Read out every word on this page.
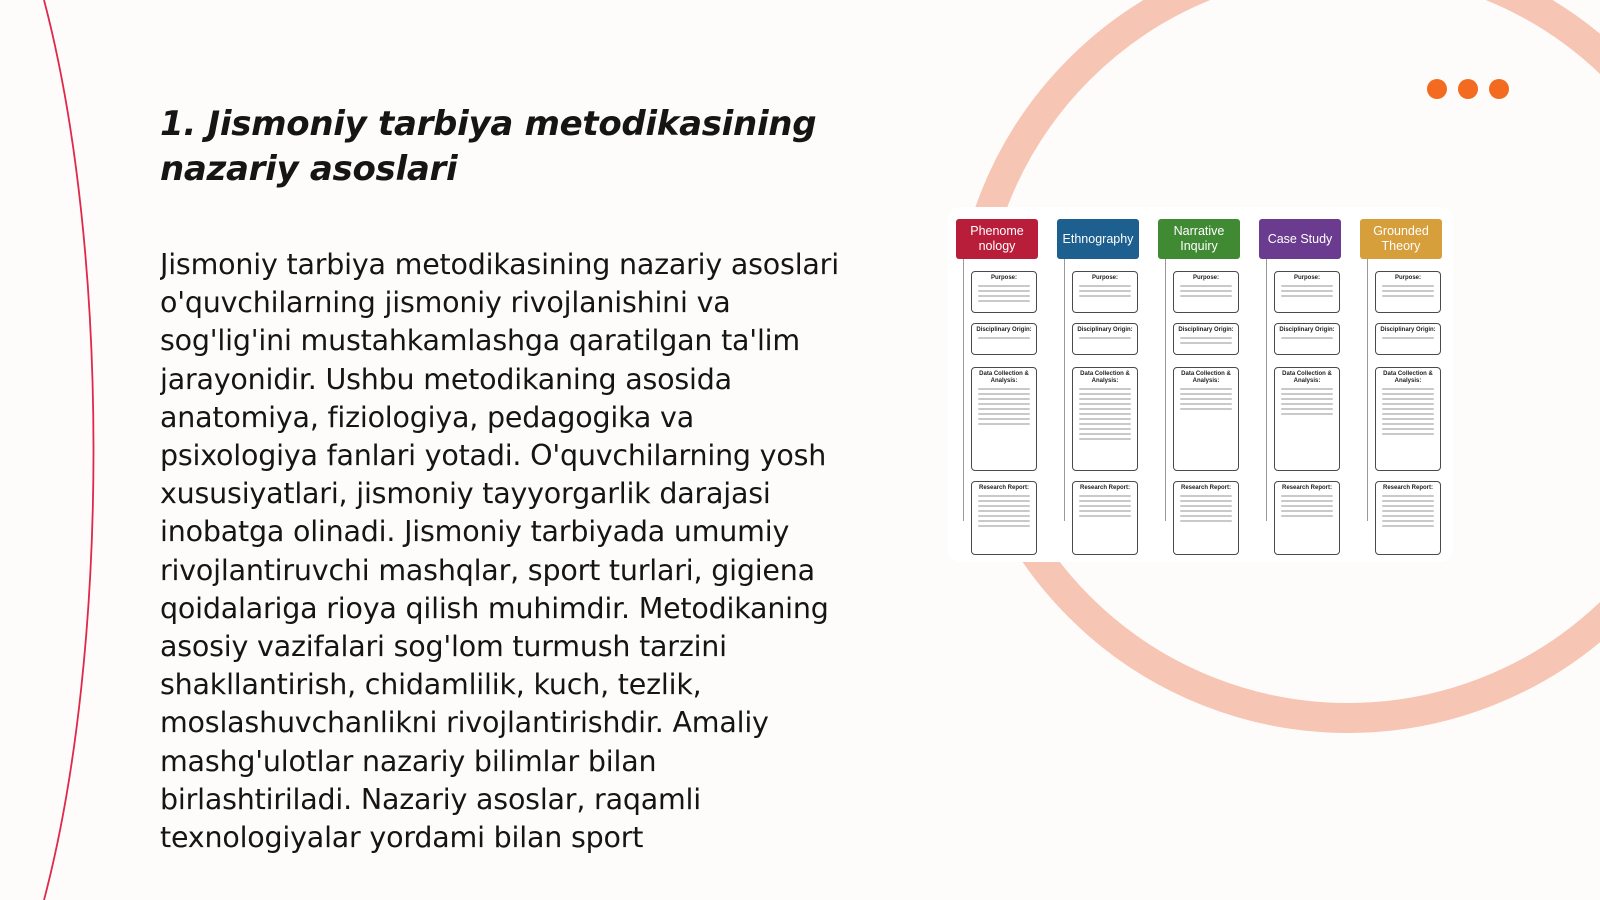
1. Jismoniy tarbiya metodikasining
nazariy asoslari

Jismoniy tarbiya metodikasining nazariy asoslari o'quvchilarning jismoniy rivojlanishini va sog'lig'ini mustahkamlashga qaratilgan ta'lim jarayonidir. Ushbu metodikaning asosida anatomiya, fiziologiya, pedagogika va psixologiya fanlari yotadi. O'quvchilarning yosh xususiyatlari, jismoniy tayyorgarlik darajasi inobatga olinadi. Jismoniy tarbiyada umumiy rivojlantiruvchi mashqlar, sport turlari, gigiena qoidalariga rioya qilish muhimdir. Metodikaning asosiy vazifalari sog'lom turmush tarzini shakllantirish, chidamlilik, kuch, tezlik, moslashuvchanlikni rivojlantirishdir. Amaliy mashg'ulotlar nazariy bilimlar bilan birlashtiriladi. Nazariy asoslar, raqamli texnologiyalar yordami bilan sport

Phenome
nology
Purpose:
Disciplinary Origin:
Data Collection & Analysis:
Research Report:
Ethnography
Purpose:
Disciplinary Origin:
Data Collection & Analysis:
Research Report:
Narrative
Inquiry
Purpose:
Disciplinary Origin:
Data Collection & Analysis:
Research Report:
Case Study
Purpose:
Disciplinary Origin:
Data Collection & Analysis:
Research Report:
Grounded
Theory
Purpose:
Disciplinary Origin:
Data Collection & Analysis:
Research Report:
